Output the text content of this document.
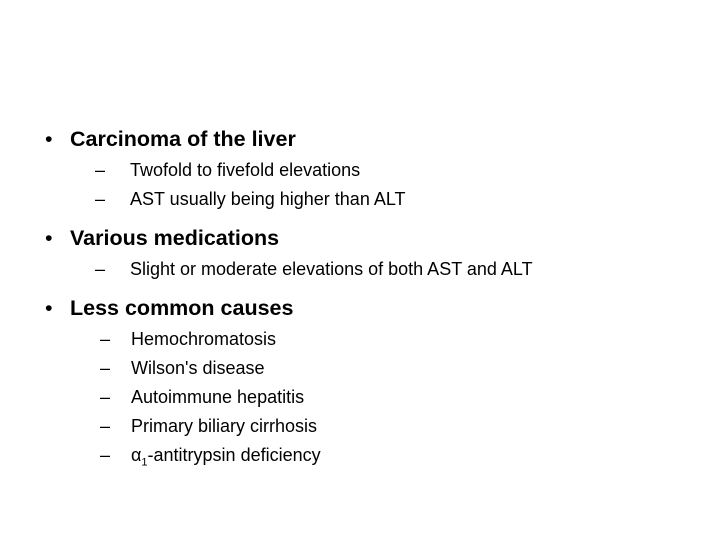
• Carcinoma of the liver
–	Twofold to fivefold elevations
–	AST usually being higher than ALT
• Various medications
–	Slight or moderate elevations of both AST and ALT
• Less common causes
–	Hemochromatosis
–	Wilson's disease
–	Autoimmune hepatitis
–	Primary biliary cirrhosis
–	$\alpha_1$-antitrypsin deficiency
